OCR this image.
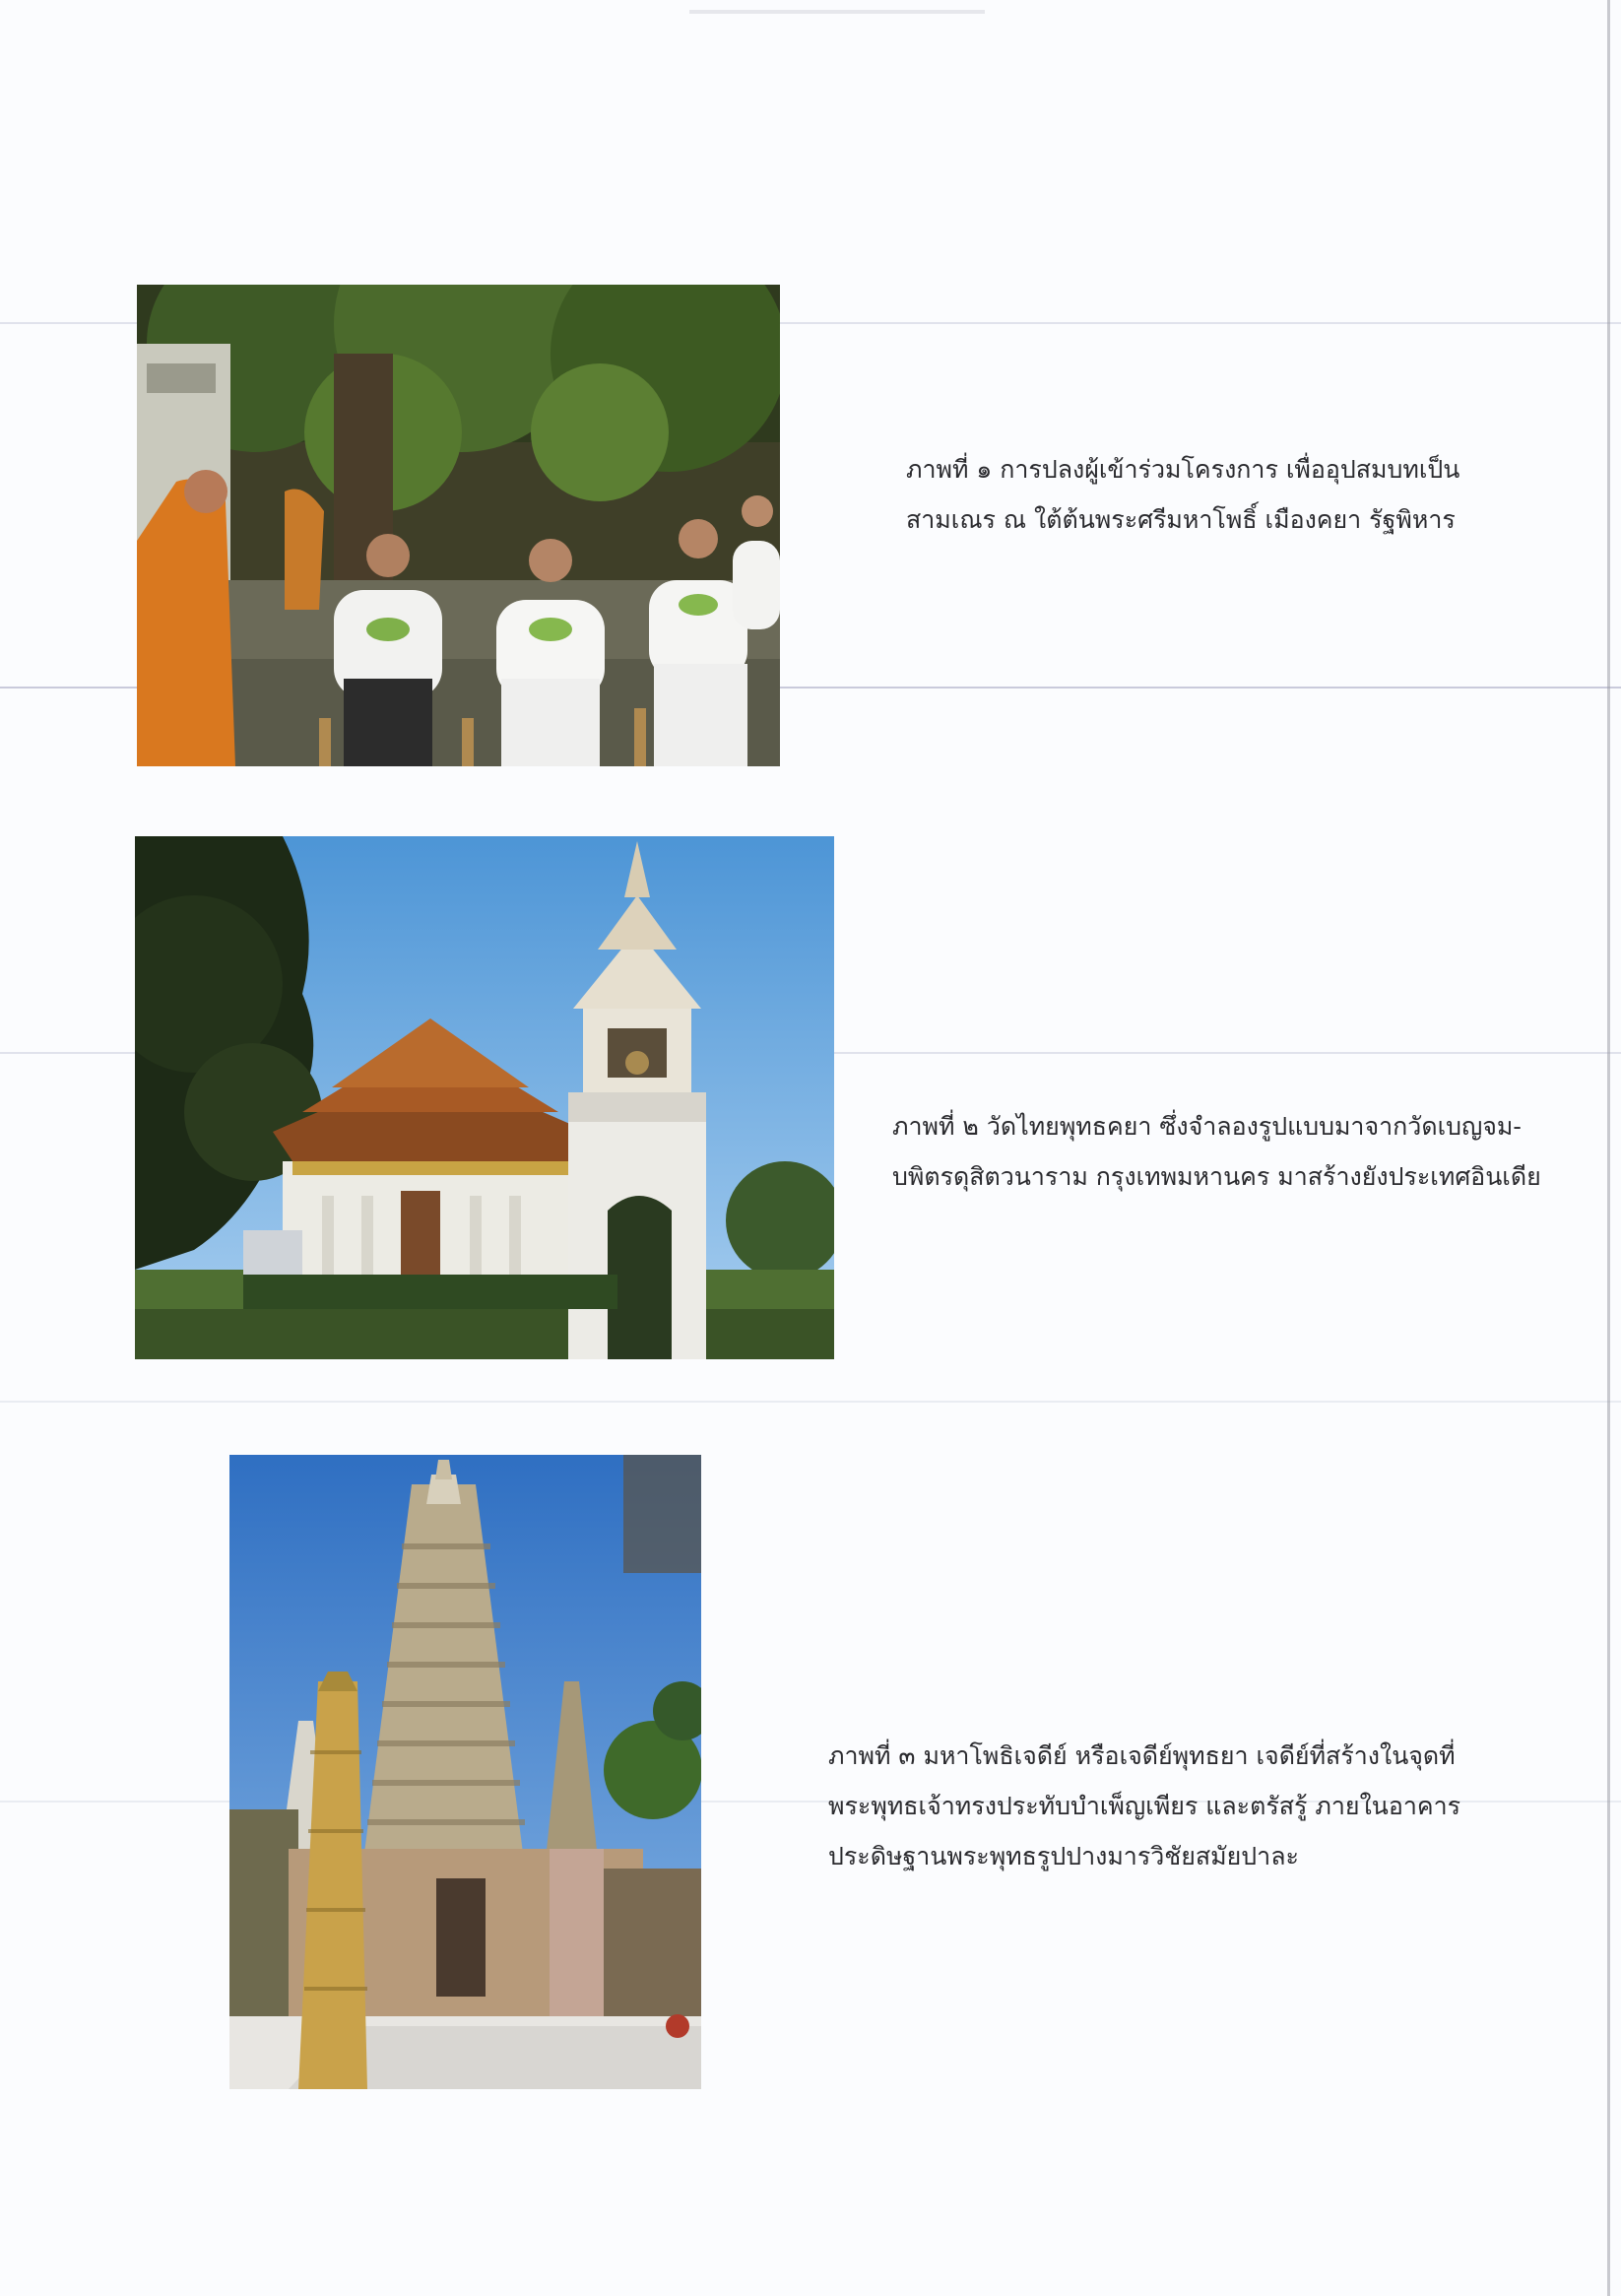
ภาพที่ ๑ การปลงผู้เข้าร่วมโครงการ เพื่ออุปสมบทเป็น

สามเณร ณ ใต้ต้นพระศรีมหาโพธิ์ เมืองคยา รัฐพิหาร

ภาพที่ ๒ วัดไทยพุทธคยา ซึ่งจำลองรูปแบบมาจากวัดเบญจม-

บพิตรดุสิตวนาราม กรุงเทพมหานคร มาสร้างยังประเทศอินเดีย

ภาพที่ ๓ มหาโพธิเจดีย์ หรือเจดีย์พุทธยา เจดีย์ที่สร้างในจุดที่

พระพุทธเจ้าทรงประทับบำเพ็ญเพียร และตรัสรู้ ภายในอาคาร

ประดิษฐานพระพุทธรูปปางมารวิชัยสมัยปาละ
